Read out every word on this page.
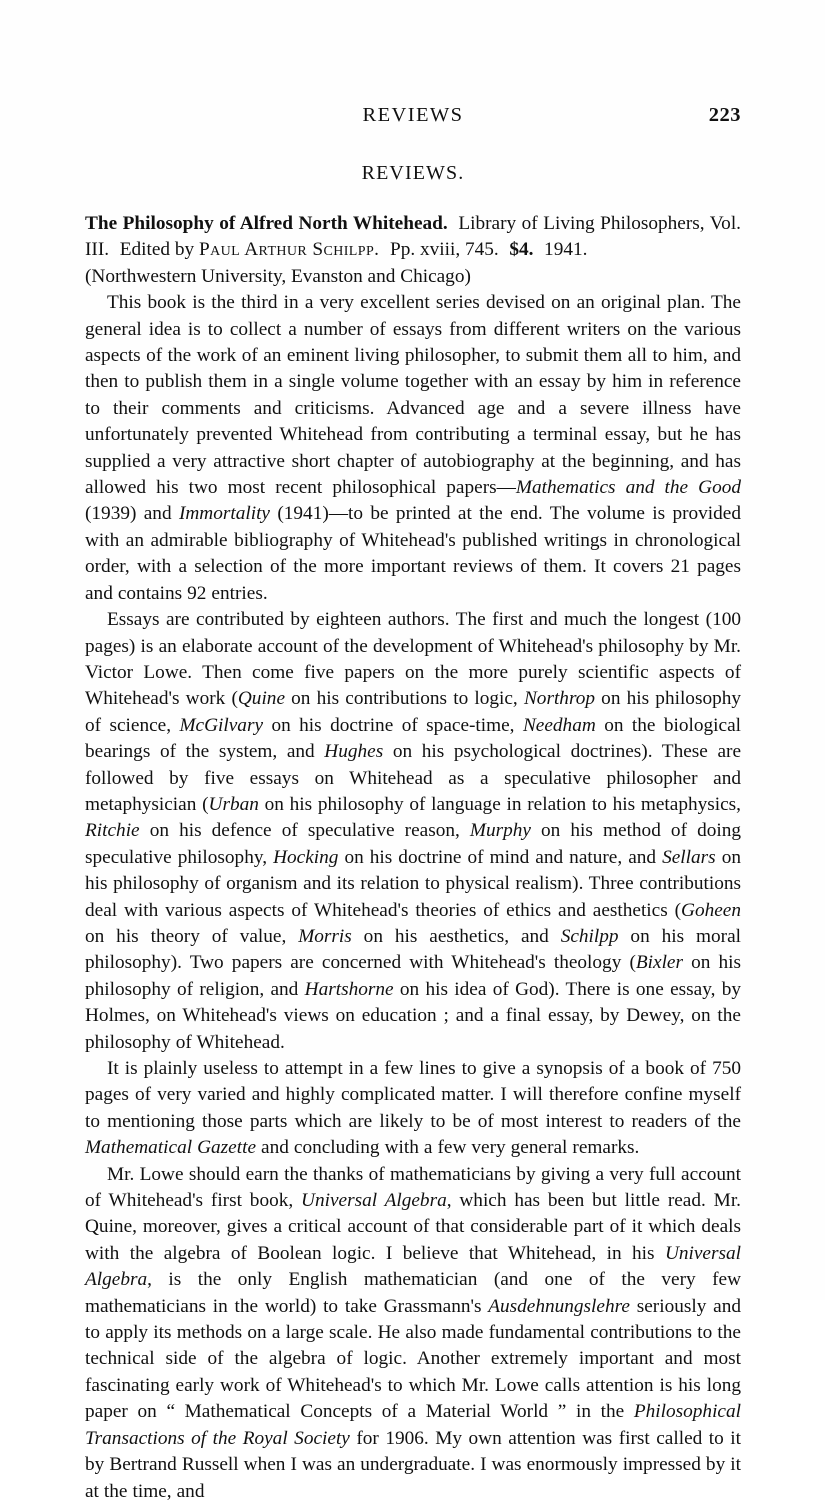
REVIEWS	223
REVIEWS.
The Philosophy of Alfred North Whitehead. Library of Living Philosophers, Vol. III. Edited by Paul Arthur Schilpp. Pp. xviii, 745. $4. 1941.
(Northwestern University, Evanston and Chicago)

This book is the third in a very excellent series devised on an original plan. The general idea is to collect a number of essays from different writers on the various aspects of the work of an eminent living philosopher, to submit them all to him, and then to publish them in a single volume together with an essay by him in reference to their comments and criticisms. Advanced age and a severe illness have unfortunately prevented Whitehead from contributing a terminal essay, but he has supplied a very attractive short chapter of autobiography at the beginning, and has allowed his two most recent philosophical papers—Mathematics and the Good (1939) and Immortality (1941)—to be printed at the end. The volume is provided with an admirable bibliography of Whitehead's published writings in chronological order, with a selection of the more important reviews of them. It covers 21 pages and contains 92 entries.

Essays are contributed by eighteen authors. The first and much the longest (100 pages) is an elaborate account of the development of Whitehead's philosophy by Mr. Victor Lowe. Then come five papers on the more purely scientific aspects of Whitehead's work (Quine on his contributions to logic, Northrop on his philosophy of science, McGilvary on his doctrine of space-time, Needham on the biological bearings of the system, and Hughes on his psychological doctrines). These are followed by five essays on Whitehead as a speculative philosopher and metaphysician (Urban on his philosophy of language in relation to his metaphysics, Ritchie on his defence of speculative reason, Murphy on his method of doing speculative philosophy, Hocking on his doctrine of mind and nature, and Sellars on his philosophy of organism and its relation to physical realism). Three contributions deal with various aspects of Whitehead's theories of ethics and aesthetics (Goheen on his theory of value, Morris on his aesthetics, and Schilpp on his moral philosophy). Two papers are concerned with Whitehead's theology (Bixler on his philosophy of religion, and Hartshorne on his idea of God). There is one essay, by Holmes, on Whitehead's views on education ; and a final essay, by Dewey, on the philosophy of Whitehead.

It is plainly useless to attempt in a few lines to give a synopsis of a book of 750 pages of very varied and highly complicated matter. I will therefore confine myself to mentioning those parts which are likely to be of most interest to readers of the Mathematical Gazette and concluding with a few very general remarks.

Mr. Lowe should earn the thanks of mathematicians by giving a very full account of Whitehead's first book, Universal Algebra, which has been but little read. Mr. Quine, moreover, gives a critical account of that considerable part of it which deals with the algebra of Boolean logic. I believe that Whitehead, in his Universal Algebra, is the only English mathematician (and one of the very few mathematicians in the world) to take Grassmann's Ausdehnungslehre seriously and to apply its methods on a large scale. He also made fundamental contributions to the technical side of the algebra of logic. Another extremely important and most fascinating early work of Whitehead's to which Mr. Lowe calls attention is his long paper on “ Mathematical Concepts of a Material World ” in the Philosophical Transactions of the Royal Society for 1906. My own attention was first called to it by Bertrand Russell when I was an undergraduate. I was enormously impressed by it at the time, and
